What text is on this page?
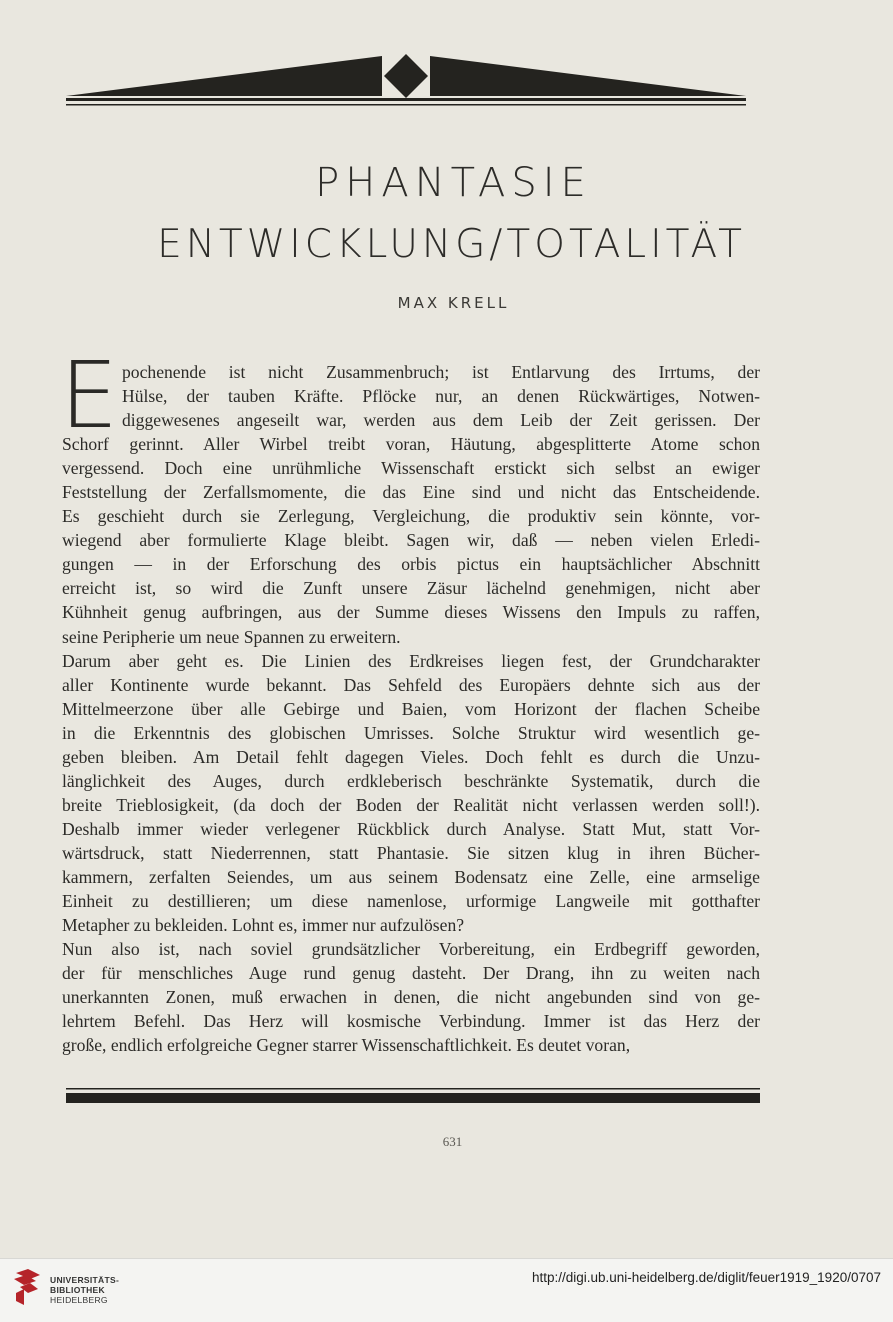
PHANTASIE
ENTWICKLUNG/TOTALITÄT
MAX KRELL
E pochenende ist nicht Zusammenbruch; ist Entlarvung des Irrtums, der
Hülse, der tauben Kräfte. Pflöcke nur, an denen Rückwärtiges, Notwen-
diggewesenes angeseilt war, werden aus dem Leib der Zeit gerissen. Der
Schorf gerinnt. Aller Wirbel treibt voran, Häutung, abgesplitterte Atome schon
vergessend. Doch eine unrühmliche Wissenschaft erstickt sich selbst an ewiger
Feststellung der Zerfallsmomente, die das Eine sind und nicht das Entscheidende.
Es geschieht durch sie Zerlegung, Vergleichung, die produktiv sein könnte, vor-
wiegend aber formulierte Klage bleibt. Sagen wir, daß — neben vielen Erledi-
gungen — in der Erforschung des orbis pictus ein hauptsächlicher Abschnitt
erreicht ist, so wird die Zunft unsere Zäsur lächelnd genehmigen, nicht aber
Kühnheit genug aufbringen, aus der Summe dieses Wissens den Impuls zu raffen,
seine Peripherie um neue Spannen zu erweitern.
Darum aber geht es. Die Linien des Erdkreises liegen fest, der Grundcharakter
aller Kontinente wurde bekannt. Das Sehfeld des Europäers dehnte sich aus der
Mittelmeerzone über alle Gebirge und Baien, vom Horizont der flachen Scheibe
in die Erkenntnis des globischen Umrisses. Solche Struktur wird wesentlich ge-
geben bleiben. Am Detail fehlt dagegen Vieles. Doch fehlt es durch die Unzu-
länglichkeit des Auges, durch erdkleberisch beschränkte Systematik, durch die
breite Trieblosigkeit, (da doch der Boden der Realität nicht verlassen werden soll!).
Deshalb immer wieder verlegener Rückblick durch Analyse. Statt Mut, statt Vor-
wärtsdruck, statt Niederrennen, statt Phantasie. Sie sitzen klug in ihren Bücher-
kammern, zerfalten Seiendes, um aus seinem Bodensatz eine Zelle, eine armselige
Einheit zu destillieren; um diese namenlose, urformige Langweile mit gotthafter
Metapher zu bekleiden. Lohnt es, immer nur aufzulösen?
Nun also ist, nach soviel grundsätzlicher Vorbereitung, ein Erdbegriff geworden,
der für menschliches Auge rund genug dasteht. Der Drang, ihn zu weiten nach
unerkannten Zonen, muß erwachen in denen, die nicht angebunden sind von ge-
lehrtem Befehl. Das Herz will kosmische Verbindung. Immer ist das Herz der
große, endlich erfolgreiche Gegner starrer Wissenschaftlichkeit. Es deutet voran,
631
UNIVERSITÄTS-
BIBLIOTHEK
HEIDELBERG
http://digi.ub.uni-heidelberg.de/diglit/feuer1919_1920/0707
